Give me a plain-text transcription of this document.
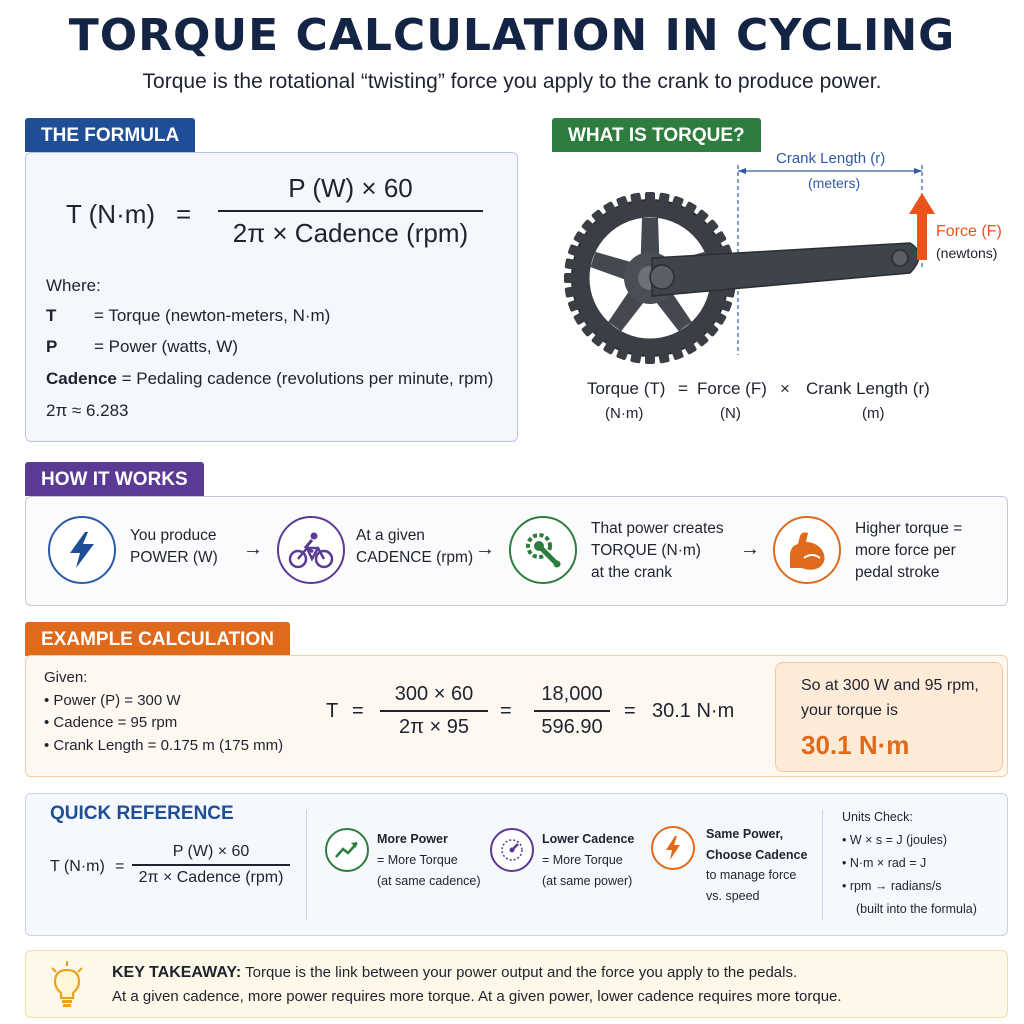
TORQUE CALCULATION IN CYCLING
Torque is the rotational “twisting” force you apply to the crank to produce power.
THE FORMULA
T (N·m) =
P (W) × 60
2π × Cadence (rpm)
Where:
T = Torque (newton-meters, N·m)
P = Power (watts, W)
Cadence = Pedaling cadence (revolutions per minute, rpm)
2π ≈ 6.283
WHAT IS TORQUE?
Crank Length (r)
(meters)
Force (F)
(newtons)
Torque (T) = Force (F) × Crank Length (r)
(N·m)	(N)	(m)
HOW IT WORKS
You produce
POWER (W) →
At a given
CADENCE (rpm) →
That power creates
TORQUE (N·m)
at the crank
→
Higher torque =
more force per
pedal stroke
EXAMPLE CALCULATION
Given:
• Power (P) = 300 W
• Cadence = 95 rpm
• Crank Length = 0.175 m (175 mm)
T =
300 × 60
2π × 95
=
18,000
596.90
= 30.1 N·m
So at 300 W and 95 rpm,
your torque is
30.1 N·m
QUICK REFERENCE
T (N·m) =
P (W) × 60
2π × Cadence (rpm)
More Power
= More Torque
(at same cadence)
Lower Cadence
= More Torque
(at same power)
Same Power,
Choose Cadence
to manage force
vs. speed
Units Check:
• W × s = J (joules)
• N·m × rad = J
• rpm → radians/s
(built into the formula)
KEY TAKEAWAY: Torque is the link between your power output and the force you apply to the pedals.
At a given cadence, more power requires more torque. At a given power, lower cadence requires more torque.
